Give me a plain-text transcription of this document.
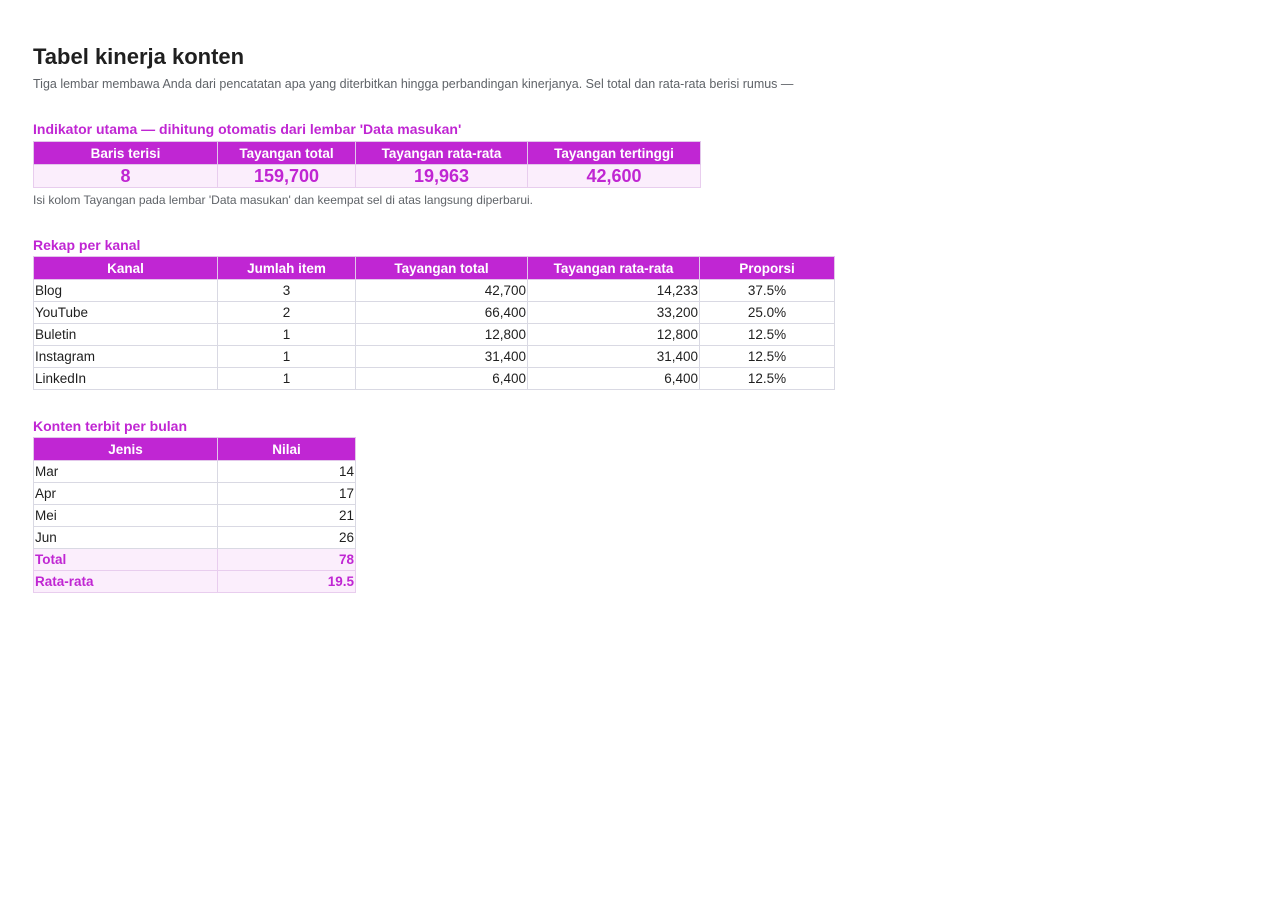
Tabel kinerja konten

Tiga lembar membawa Anda dari pencatatan apa yang diterbitkan hingga perbandingan kinerjanya. Sel total dan rata-rata berisi rumus —

Indikator utama — dihitung otomatis dari lembar 'Data masukan'

Baris terisi	Tayangan total	Tayangan rata-rata	Tayangan tertinggi
8	159,700	19,963	42,600

Isi kolom Tayangan pada lembar 'Data masukan' dan keempat sel di atas langsung diperbarui.

Rekap per kanal

Kanal	Jumlah item	Tayangan total	Tayangan rata-rata	Proporsi
Blog	3	42,700	14,233	37.5%
YouTube	2	66,400	33,200	25.0%
Buletin	1	12,800	12,800	12.5%
Instagram	1	31,400	31,400	12.5%
LinkedIn	1	6,400	6,400	12.5%

Konten terbit per bulan

Jenis	Nilai
Mar	14
Apr	17
Mei	21
Jun	26
Total	78
Rata-rata	19.5
